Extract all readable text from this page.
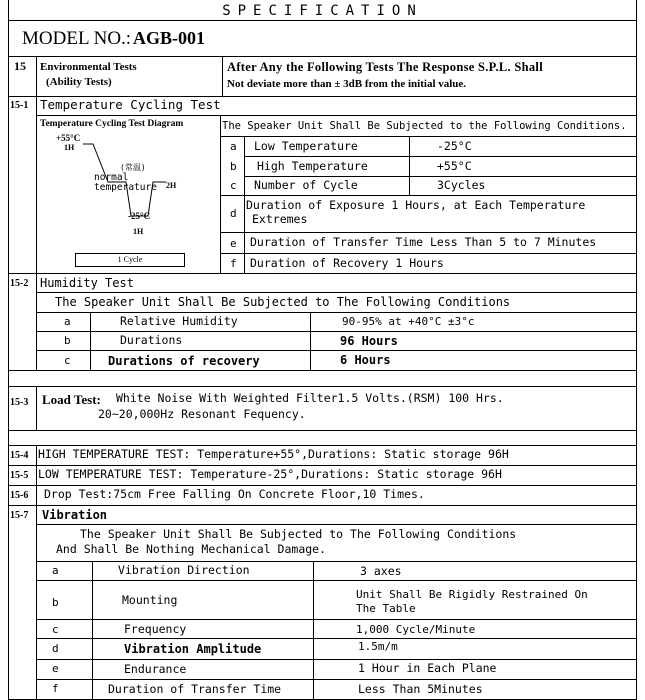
SPECIFICATION
MODEL NO.: AGB-001
15 Environmental Tests
(Ability Tests)
After Any the Following Tests The Response S.P.L. Shall
Not deviate more than ± 3dB from the initial value.
15-1 Temperature Cycling Test
Temperature Cycling Test Diagram
1 Cycle
+55°C
1H
(常温)
normal
temperature 2H
-25°C
1H
The Speaker Unit Shall Be Subjected to the Following Conditions.
a Low Temperature	-25°C
b High Temperature	+55°C
c Number of Cycle	3Cycles
d
Duration of Exposure 1 Hours, at Each Temperature
Extremes
e Duration of Transfer Time Less Than 5 to 7 Minutes
f Duration of Recovery 1 Hours
15-2 Humidity Test
The Speaker Unit Shall Be Subjected to The Following Conditions
a	Relative Humidity	90-95% at +40°C ±3°c
b	Durations	96 Hours
c	Durations of recovery	6 Hours
15-3 Load Test: White Noise With Weighted Filter1.5 Volts.(RSM) 100 Hrs.
20~20,000Hz Resonant Fequency.
15-4 HIGH TEMPERATURE TEST: Temperature+55°,Durations: Static storage 96H
15-5 LOW TEMPERATURE TEST: Temperature-25°,Durations: Static storage 96H
15-6 Drop Test:75cm Free Falling On Concrete Floor,10 Times.
15-7 Vibration
The Speaker Unit Shall Be Subjected to The Following Conditions
And Shall Be Nothing Mechanical Damage.
a	Vibration Direction	3 axes
b	Mounting	Unit Shall Be Rigidly Restrained On
The Table
c	Frequency	1,000 Cycle/Minute
d	Vibration Amplitude	1.5m/m
e	Endurance	1 Hour in Each Plane
f	Duration of Transfer Time	Less Than 5Minutes
